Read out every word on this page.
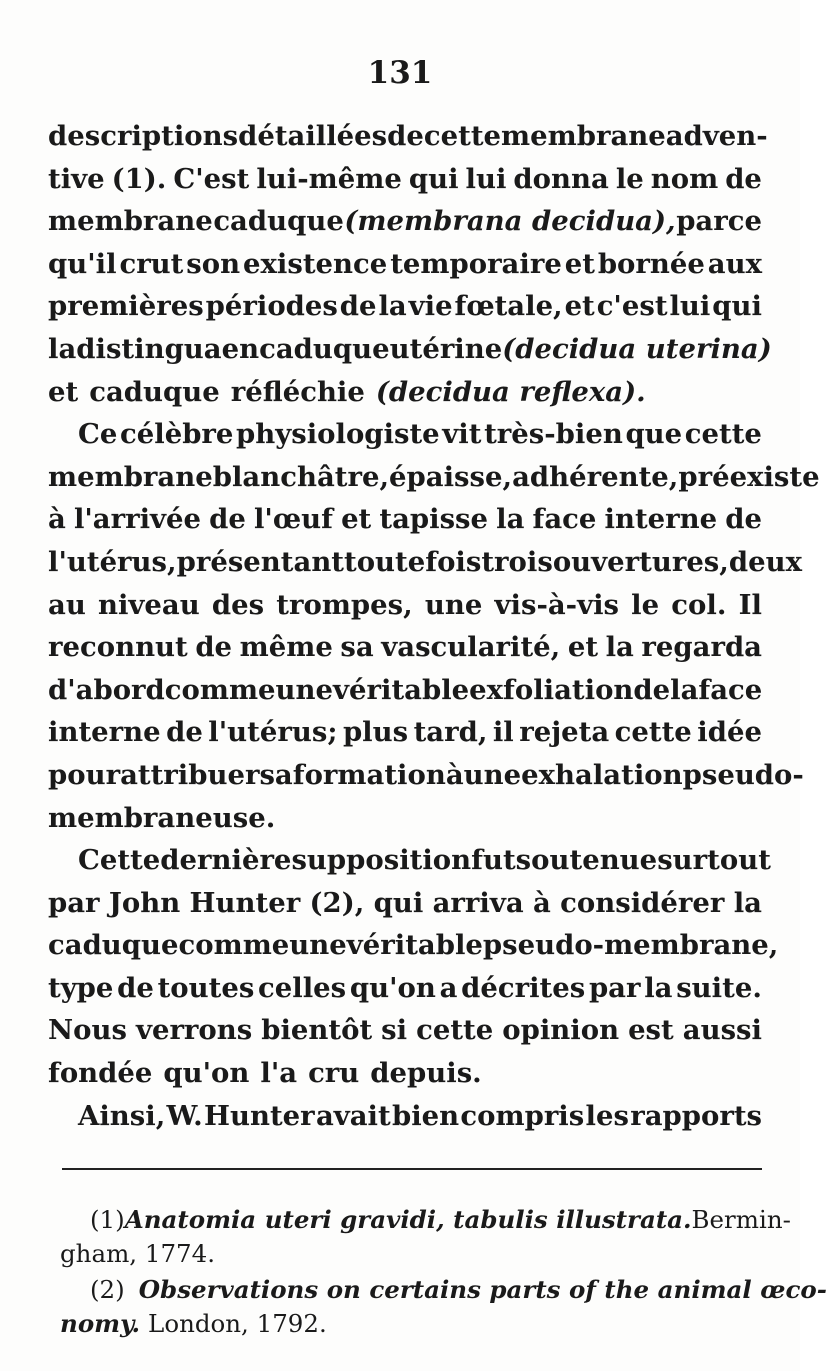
131
descriptions détaillées de cette membrane adven-
tive (1). C'est lui-même qui lui donna le nom de
membrane caduque (membrana decidua), parce
qu'il crut son existence temporaire et bornée aux
premières périodes de la vie fœtale, et c'est lui qui
la distingua en caduque utérine (decidua uterina)
et caduque réfléchie (decidua reflexa).
Ce célèbre physiologiste vit très-bien que cette
membrane blanchâtre, épaisse, adhérente, préexiste
à l'arrivée de l'œuf et tapisse la face interne de
l'utérus, présentant toutefois trois ouvertures, deux
au niveau des trompes, une vis-à-vis le col. Il
reconnut de même sa vascularité, et la regarda
d'abord comme une véritable exfoliation de la face
interne de l'utérus; plus tard, il rejeta cette idée
pour attribuer sa formation à une exhalation pseudo-
membraneuse.
Cette dernière supposition fut soutenue surtout
par John Hunter (2), qui arriva à considérer la
caduque comme une véritable pseudo-membrane,
type de toutes celles qu'on a décrites par la suite.
Nous verrons bientôt si cette opinion est aussi
fondée qu'on l'a cru depuis.
Ainsi, W. Hunter avait bien compris les rapports
(1) Anatomia uteri gravidi, tabulis illustrata. Bermin-
gham, 1774.
(2) Observations on certains parts of the animal œco-
nomy. London, 1792.
